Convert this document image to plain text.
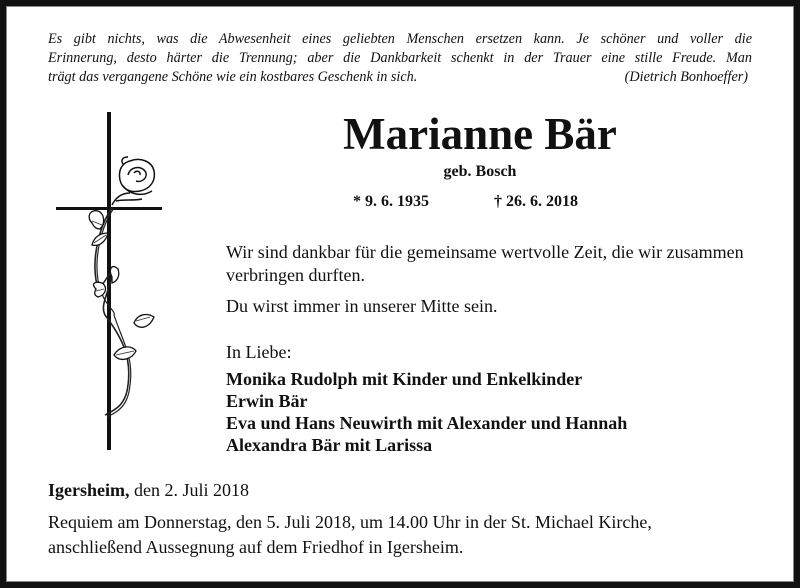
Es gibt nichts, was die Abwesenheit eines geliebten Menschen ersetzen kann. Je schöner und voller die
Erinnerung, desto härter die Trennung; aber die Dankbarkeit schenkt in der Trauer eine stille Freude. Man
trägt das vergangene Schöne wie ein kostbares Geschenk in sich.	(Dietrich Bonhoeffer)
Marianne Bär
geb. Bosch
* 9. 6. 1935	† 26. 6. 2018
Wir sind dankbar für die gemeinsame wertvolle Zeit, die wir zusammen verbringen durften.
Du wirst immer in unserer Mitte sein.
In Liebe:
Monika Rudolph mit Kinder und Enkelkinder
Erwin Bär
Eva und Hans Neuwirth mit Alexander und Hannah
Alexandra Bär mit Larissa
Igersheim, den 2. Juli 2018
Requiem am Donnerstag, den 5. Juli 2018, um 14.00 Uhr in der St. Michael Kirche,
anschließend Aussegnung auf dem Friedhof in Igersheim.
